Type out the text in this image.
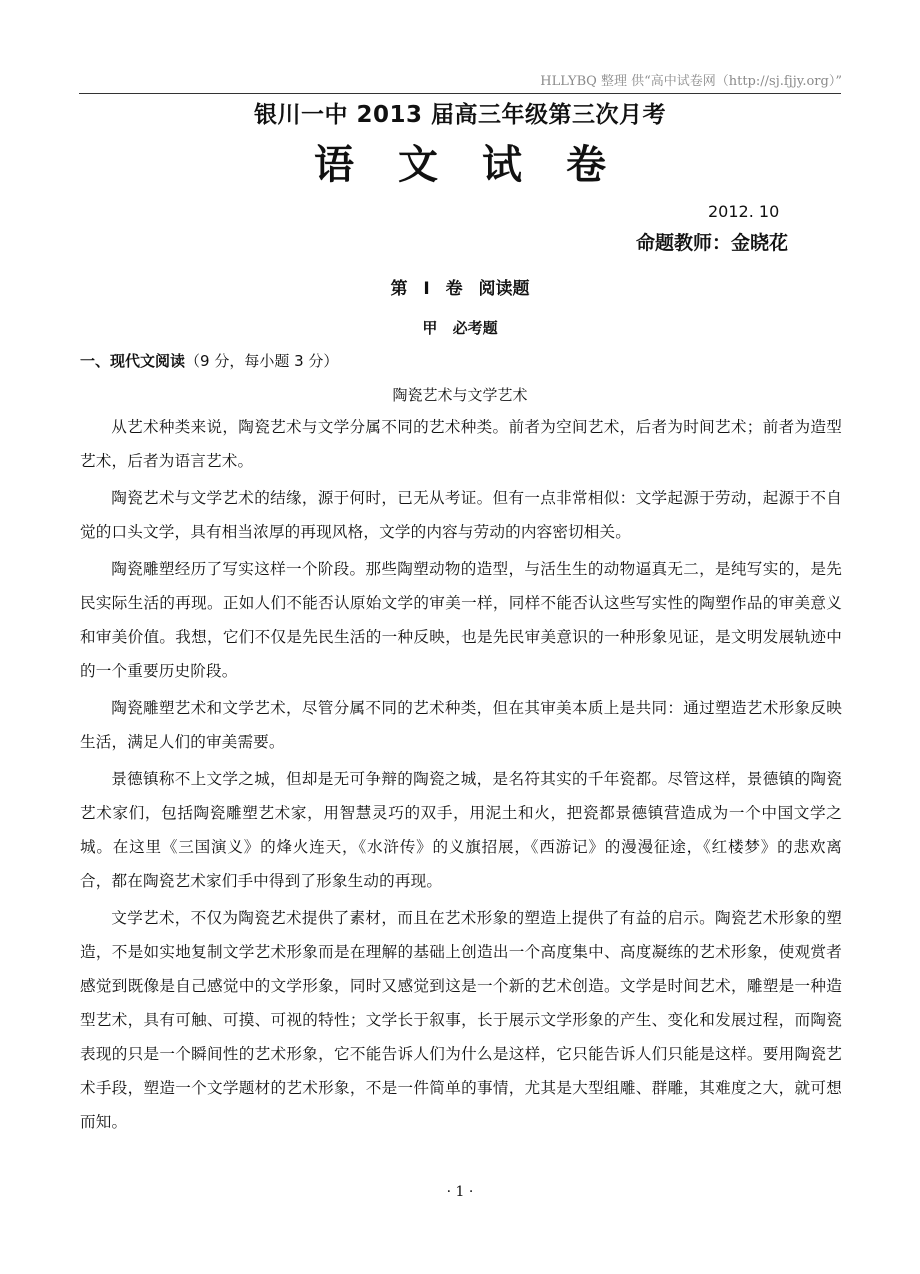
HLLYBQ 整理 供“高中试卷网（http://sj.fjjy.org）”
银川一中 2013 届高三年级第三次月考
语文试卷
2012. 10
命题教师：金晓花
第 I 卷 阅读题
甲 必考题
一、现代文阅读（9 分，每小题 3 分）
陶瓷艺术与文学艺术

从艺术种类来说，陶瓷艺术与文学分属不同的艺术种类。前者为空间艺术，后者为时间艺术；前者为造型艺术，后者为语言艺术。

陶瓷艺术与文学艺术的结缘，源于何时，已无从考证。但有一点非常相似：文学起源于劳动，起源于不自觉的口头文学，具有相当浓厚的再现风格，文学的内容与劳动的内容密切相关。

陶瓷雕塑经历了写实这样一个阶段。那些陶塑动物的造型，与活生生的动物逼真无二，是纯写实的，是先民实际生活的再现。正如人们不能否认原始文学的审美一样，同样不能否认这些写实性的陶塑作品的审美意义和审美价值。我想，它们不仅是先民生活的一种反映，也是先民审美意识的一种形象见证，是文明发展轨迹中的一个重要历史阶段。

陶瓷雕塑艺术和文学艺术，尽管分属不同的艺术种类，但在其审美本质上是共同：通过塑造艺术形象反映生活，满足人们的审美需要。

景德镇称不上文学之城，但却是无可争辩的陶瓷之城，是名符其实的千年瓷都。尽管这样，景德镇的陶瓷艺术家们，包括陶瓷雕塑艺术家，用智慧灵巧的双手，用泥土和火，把瓷都景德镇营造成为一个中国文学之城。在这里《三国演义》的烽火连天，《水浒传》的义旗招展，《西游记》的漫漫征途，《红楼梦》的悲欢离合，都在陶瓷艺术家们手中得到了形象生动的再现。

文学艺术，不仅为陶瓷艺术提供了素材，而且在艺术形象的塑造上提供了有益的启示。陶瓷艺术形象的塑造，不是如实地复制文学艺术形象而是在理解的基础上创造出一个高度集中、高度凝练的艺术形象，使观赏者感觉到既像是自己感觉中的文学形象，同时又感觉到这是一个新的艺术创造。文学是时间艺术，雕塑是一种造型艺术，具有可触、可摸、可视的特性；文学长于叙事，长于展示文学形象的产生、变化和发展过程，而陶瓷表现的只是一个瞬间性的艺术形象，它不能告诉人们为什么是这样，它只能告诉人们只能是这样。要用陶瓷艺术手段，塑造一个文学题材的艺术形象，不是一件简单的事情，尤其是大型组雕、群雕，其难度之大，就可想而知。

· 1 ·
